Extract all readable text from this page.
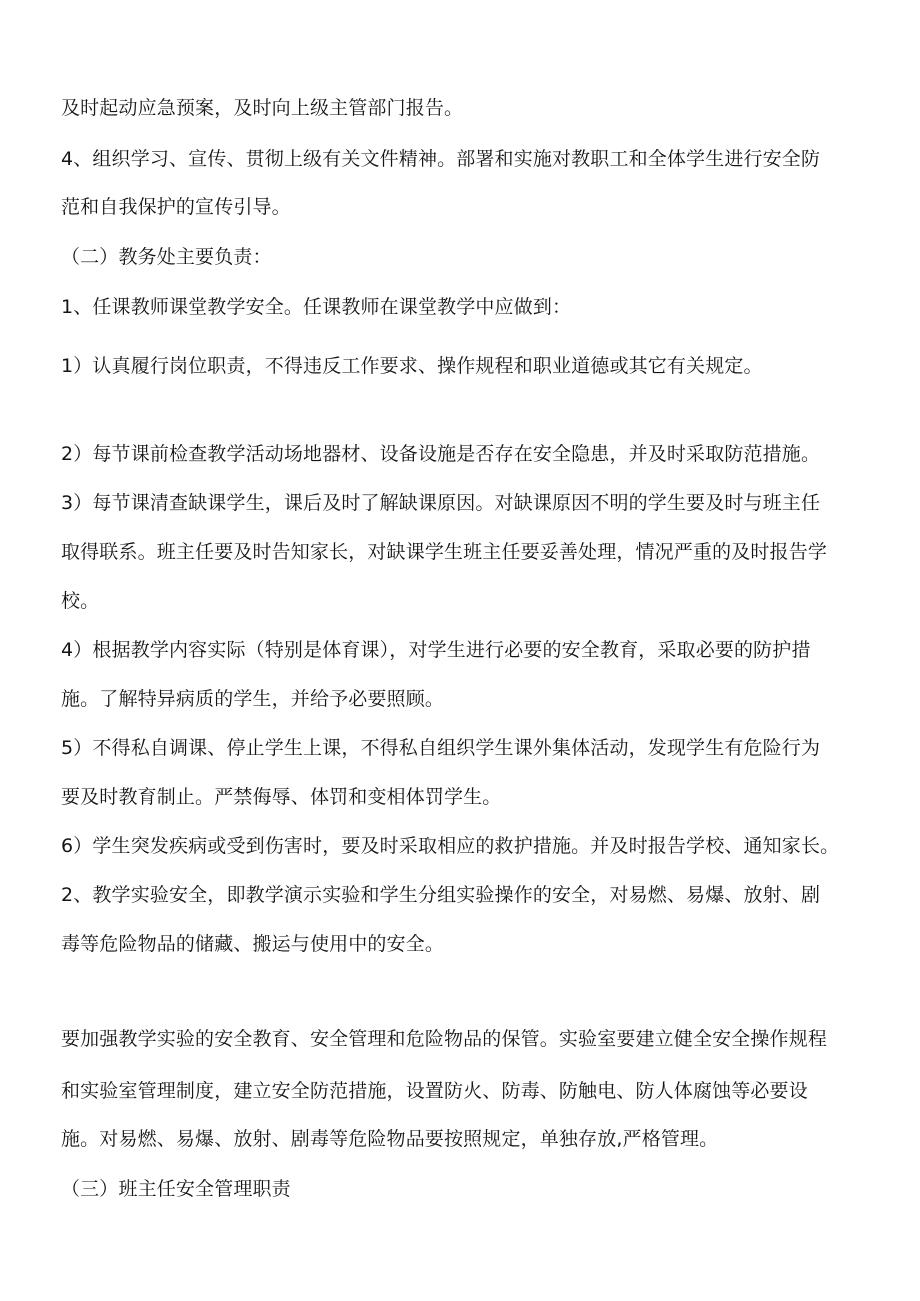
及时起动应急预案，及时向上级主管部门报告。
4、组织学习、宣传、贯彻上级有关文件精神。部署和实施对教职工和全体学生进行安全防
范和自我保护的宣传引导。
（二）教务处主要负责：
1、任课教师课堂教学安全。任课教师在课堂教学中应做到：
1）认真履行岗位职责，不得违反工作要求、操作规程和职业道德或其它有关规定。
2）每节课前检查教学活动场地器材、设备设施是否存在安全隐患，并及时采取防范措施。
3）每节课清查缺课学生，课后及时了解缺课原因。对缺课原因不明的学生要及时与班主任
取得联系。班主任要及时告知家长，对缺课学生班主任要妥善处理，情况严重的及时报告学
校。
4）根据教学内容实际（特别是体育课），对学生进行必要的安全教育，采取必要的防护措
施。了解特异病质的学生，并给予必要照顾。
5）不得私自调课、停止学生上课，不得私自组织学生课外集体活动，发现学生有危险行为
要及时教育制止。严禁侮辱、体罚和变相体罚学生。
6）学生突发疾病或受到伤害时，要及时采取相应的救护措施。并及时报告学校、通知家长。
2、教学实验安全，即教学演示实验和学生分组实验操作的安全，对易燃、易爆、放射、剧
毒等危险物品的储藏、搬运与使用中的安全。
要加强教学实验的安全教育、安全管理和危险物品的保管。实验室要建立健全安全操作规程
和实验室管理制度，建立安全防范措施，设置防火、防毒、防触电、防人体腐蚀等必要设
施。对易燃、易爆、放射、剧毒等危险物品要按照规定，单独存放,严格管理。
（三）班主任安全管理职责
